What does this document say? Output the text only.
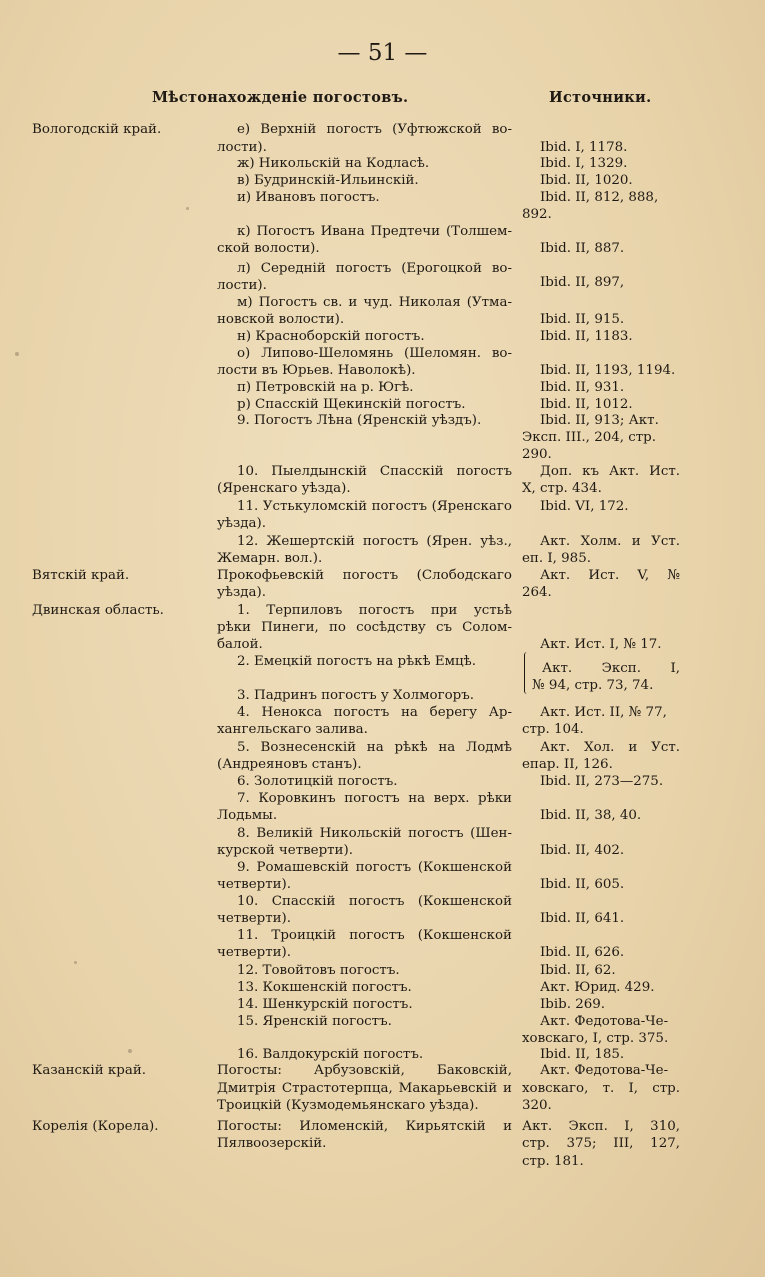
— 51 —
Мѣстонахожденіе погостовъ.	Источники.
Вологодскій край.
Вятскій край.
Двинская область.
Казанскій край.
Корелія (Корела).
е) Верхній погостъ (Уфтюжской во-
лости).
ж) Никольскій на Кодласѣ.
в) Будринскій-Ильинскій.
и) Ивановъ погостъ.
к) Погостъ Ивана Предтечи (Толшем-
ской волости).
л) Середній погостъ (Ерогоцкой во-
лости).
м) Погостъ св. и чуд. Николая (Утма-
новской волости).
н) Красноборскій погостъ.
о) Липово-Шеломянь (Шеломян. во-
лости въ Юрьев. Наволокѣ).
п) Петровскій на р. Югѣ.
р) Спасскій Щекинскій погостъ.
9. Погостъ Лѣна (Яренскій уѣздъ).
10. Пыелдынскій Спасскій погостъ
(Яренскаго уѣзда).
11. Устькуломскій погостъ (Яренскаго
уѣзда).
12. Жешертскій погостъ (Ярен. уѣз.,
Жемарн. вол.).
Прокофьевскій погостъ (Слободскаго
уѣзда).
1. Терпиловъ погостъ при устьѣ
рѣки Пинеги, по сосѣдству съ Солом-
балой.
2. Емецкій погостъ на рѣкѣ Емцѣ.
3. Падринъ погостъ у Холмогоръ.
4. Ненокса погостъ на берегу Ар-
хангельскаго залива.
5. Вознесенскій на рѣкѣ на Лодмѣ
(Андреяновъ станъ).
6. Золотицкій погостъ.
7. Коровкинъ погостъ на верх. рѣки
Лодьмы.
8. Великій Никольскій погостъ (Шен-
курской четверти).
9. Ромашевскій погостъ (Кокшенской
четверти).
10. Спасскій погостъ (Кокшенской
четверти).
11. Троицкій погостъ (Кокшенской
четверти).
12. Товойтовъ погостъ.
13. Кокшенскій погостъ.
14. Шенкурскій погостъ.
15. Яренскій погостъ.
16. Валдокурскій погостъ.
Погосты: Арбузовскій, Баковскій,
Дмитрія Страстотерпца, Макарьевскій и
Троицкій (Кузмодемьянскаго уѣзда).
Погосты: Иломенскій, Кирьятскій и
Пялвоозерскій.
Ibid. I, 1178.
Ibid. I, 1329.
Ibid. II, 1020.
Ibid. II, 812, 888,
892.
Ibid. II, 887.
Ibid. II, 897,
Ibid. II, 915.
Ibid. II, 1183.
Ibid. II, 1193, 1194.
Ibid. II, 931.
Ibid. II, 1012.
Ibid. II, 913; Акт.
Эксп. III., 204, стр.
290.
Доп. къ Акт. Ист.
X, стр. 434.
Ibid. VI, 172.
Акт. Холм. и Уст.
еп. I, 985.
Акт. Ист. V, №
264.
Акт. Ист. I, № 17.
Акт. Эксп. I,
№ 94, стр. 73, 74.
Акт. Ист. II, № 77,
стр. 104.
Акт. Хол. и Уст.
епар. II, 126.
Ibid. II, 273—275.
Ibid. II, 38, 40.
Ibid. II, 402.
Ibid. II, 605.
Ibid. II, 641.
Ibid. II, 626.
Ibid. II, 62.
Акт. Юрид. 429.
Ibib. 269.
Акт. Федотова-Че-
ховскаго, I, стр. 375.
Ibid. II, 185.
Акт. Федотова-Че-
ховскаго, т. I, стр.
320.
Акт. Эксп. I, 310,
стр. 375; III, 127,
стр. 181.
